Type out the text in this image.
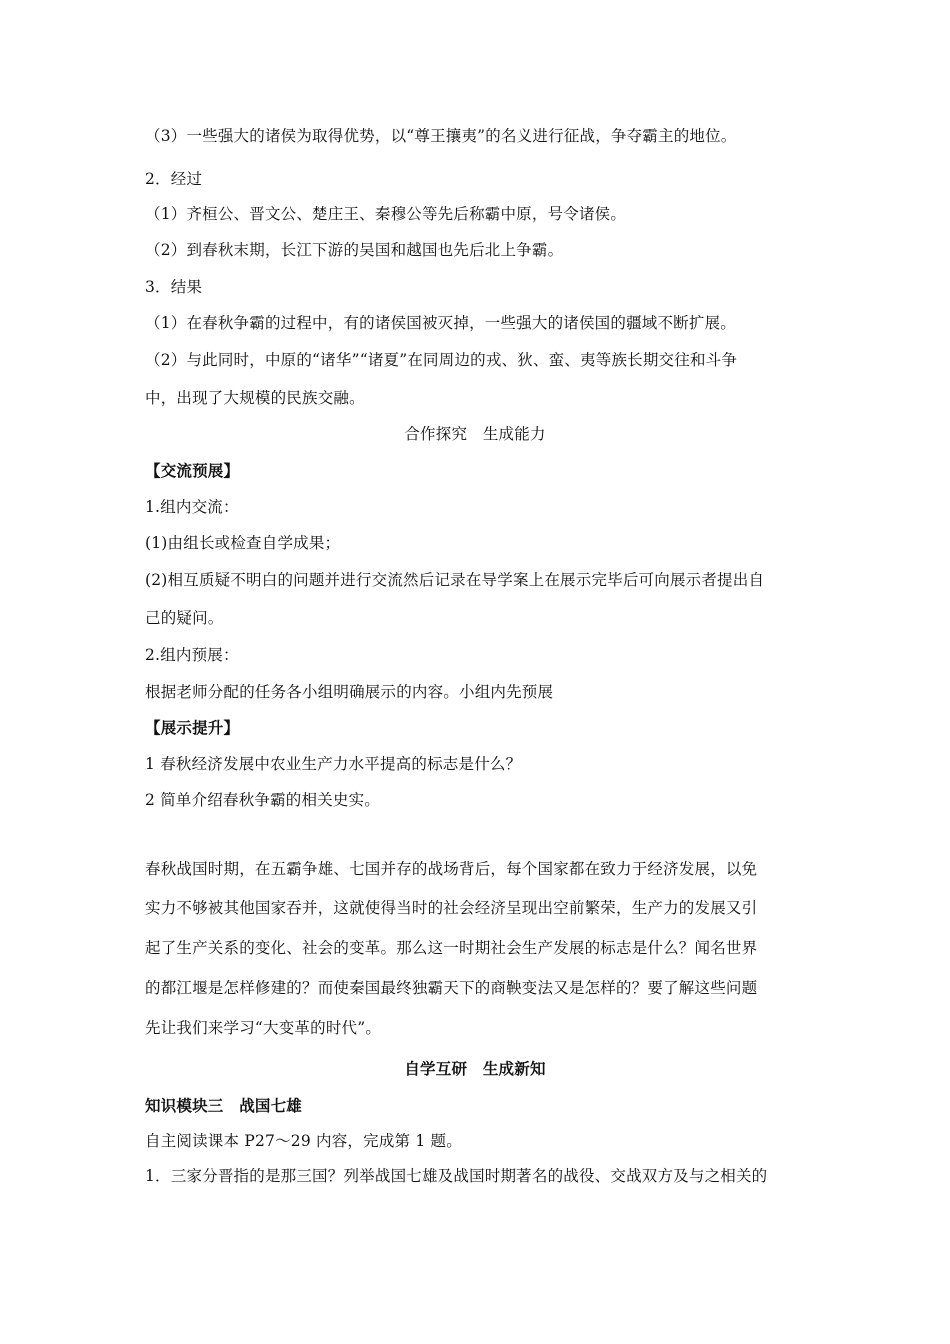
（3）一些强大的诸侯为取得优势，以“尊王攘夷”的名义进行征战，争夺霸主的地位。
2．经过
（1）齐桓公、晋文公、楚庄王、秦穆公等先后称霸中原，号令诸侯。
（2）到春秋末期，长江下游的吴国和越国也先后北上争霸。
3．结果
（1）在春秋争霸的过程中，有的诸侯国被灭掉，一些强大的诸侯国的疆域不断扩展。
（2）与此同时，中原的“诸华”“诸夏”在同周边的戎、狄、蛮、夷等族长期交往和斗争
中，出现了大规模的民族交融。
合作探究　生成能力
【交流预展】
1.组内交流：
(1)由组长或检查自学成果；
(2)相互质疑不明白的问题并进行交流然后记录在导学案上在展示完毕后可向展示者提出自
己的疑问。
2.组内预展：
根据老师分配的任务各小组明确展示的内容。小组内先预展
【展示提升】
1 春秋经济发展中农业生产力水平提高的标志是什么？
2 简单介绍春秋争霸的相关史实。
春秋战国时期，在五霸争雄、七国并存的战场背后，每个国家都在致力于经济发展，以免
实力不够被其他国家吞并，这就使得当时的社会经济呈现出空前繁荣，生产力的发展又引
起了生产关系的变化、社会的变革。那么这一时期社会生产发展的标志是什么？闻名世界
的都江堰是怎样修建的？而使秦国最终独霸天下的商鞅变法又是怎样的？要了解这些问题
先让我们来学习“大变革的时代”。
自学互研　生成新知
知识模块三　战国七雄
自主阅读课本 P27～29 内容，完成第 1 题。
1．三家分晋指的是那三国？列举战国七雄及战国时期著名的战役、交战双方及与之相关的
